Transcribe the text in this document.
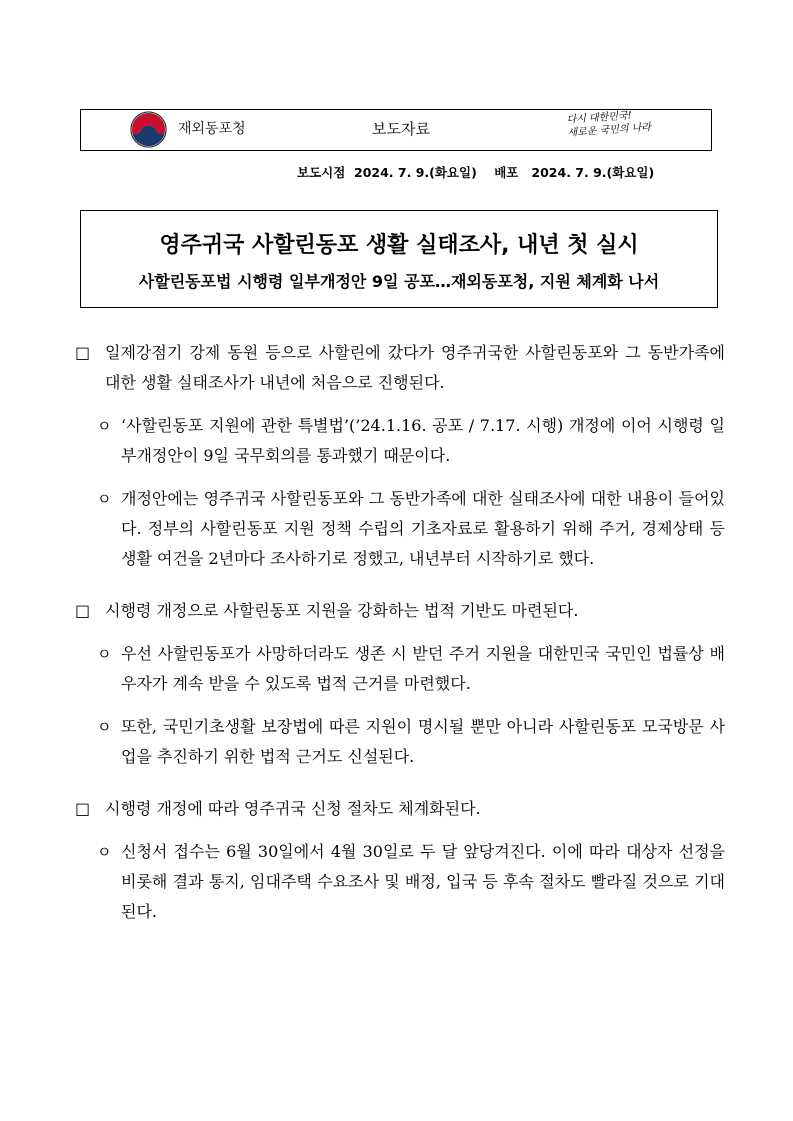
재외동포청	보도자료
다시 대한민국!
새로운 국민의 나라
보도시점  2024. 7. 9.(화요일)    배포   2024. 7. 9.(화요일)
영주귀국 사할린동포 생활 실태조사, 내년 첫 실시
사할린동포법 시행령 일부개정안 9일 공포…재외동포청, 지원 체계화 나서

□ 일제강점기 강제 동원 등으로 사할린에 갔다가 영주귀국한 사할린동포와 그 동반가족에 대한 생활 실태조사가 내년에 처음으로 진행된다.

ㅇ ‘사할린동포 지원에 관한 특별법’(’24.1.16. 공포 / 7.17. 시행) 개정에 이어 시행령 일부개정안이 9일 국무회의를 통과했기 때문이다.

ㅇ 개정안에는 영주귀국 사할린동포와 그 동반가족에 대한 실태조사에 대한 내용이 들어있다. 정부의 사할린동포 지원 정책 수립의 기초자료로 활용하기 위해 주거, 경제상태 등 생활 여건을 2년마다 조사하기로 정했고, 내년부터 시작하기로 했다.

□ 시행령 개정으로 사할린동포 지원을 강화하는 법적 기반도 마련된다.

ㅇ 우선 사할린동포가 사망하더라도 생존 시 받던 주거 지원을 대한민국 국민인 법률상 배우자가 계속 받을 수 있도록 법적 근거를 마련했다.

ㅇ 또한, 국민기초생활 보장법에 따른 지원이 명시될 뿐만 아니라 사할린동포 모국방문 사업을 추진하기 위한 법적 근거도 신설된다.

□ 시행령 개정에 따라 영주귀국 신청 절차도 체계화된다.

ㅇ 신청서 접수는 6월 30일에서 4월 30일로 두 달 앞당겨진다. 이에 따라 대상자 선정을 비롯해 결과 통지, 임대주택 수요조사 및 배정, 입국 등 후속 절차도 빨라질 것으로 기대된다.
